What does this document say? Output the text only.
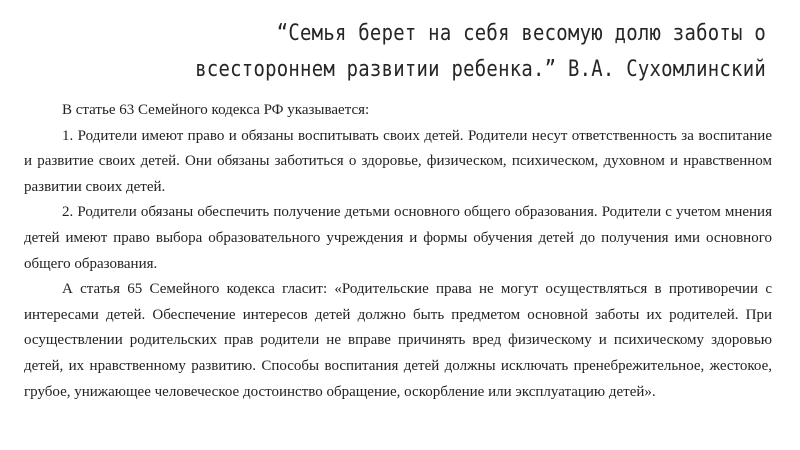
“Семья берет на себя весомую долю заботы о всестороннем развитии ребенка.” В.А. Сухомлинский

В статье 63 Семейного кодекса РФ указывается:

1. Родители имеют право и обязаны воспитывать своих детей. Родители несут ответственность за воспитание и развитие своих детей. Они обязаны заботиться о здоровье, физическом, психическом, духовном и нравственном развитии своих детей.

2. Родители обязаны обеспечить получение детьми основного общего образования. Родители с учетом мнения детей имеют право выбора образовательного учреждения и формы обучения детей до получения ими основного общего образования.

А статья 65 Семейного кодекса гласит: «Родительские права не могут осуществляться в противоречии с интересами детей. Обеспечение интересов детей должно быть предметом основной заботы их родителей. При осуществлении родительских прав родители не вправе причинять вред физическому и психическому здоровью детей, их нравственному развитию. Способы воспитания детей должны исключать пренебрежительное, жестокое, грубое, унижающее человеческое достоинство обращение, оскорбление или эксплуатацию детей».
